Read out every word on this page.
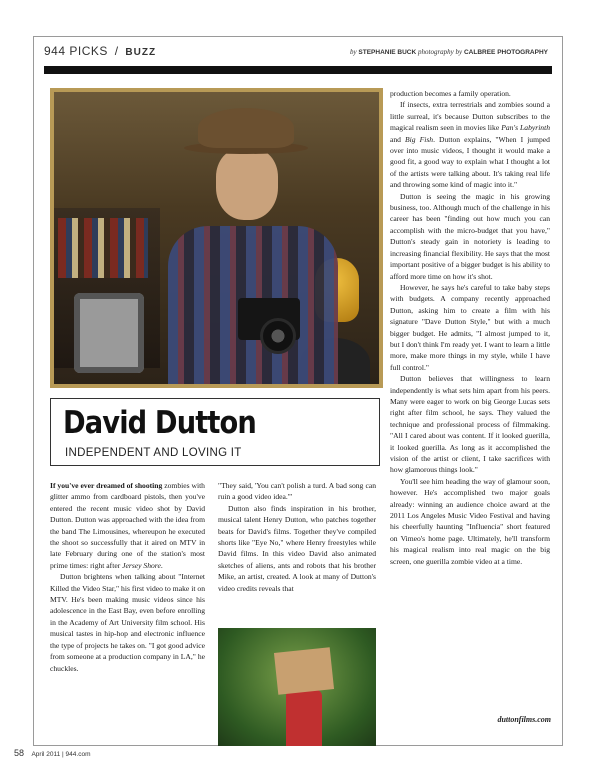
944 PICKS / BUZZ	by STEPHANIE BUCK photography by CALBREE PHOTOGRAPHY
David Dutton
INDEPENDENT AND LOVING IT

If you've ever dreamed of shooting zombies with glitter ammo from cardboard pistols, then you've entered the recent music video shot by David Dutton. Dutton was approached with the idea from the band The Limousines, whereupon he executed the shoot so successfully that it aired on MTV in late February during one of the station's most prime times: right after Jersey Shore.

Dutton brightens when talking about "Internet Killed the Video Star," his first video to make it on MTV. He's been making music videos since his adolescence in the East Bay, even before enrolling in the Academy of Art University film school. His musical tastes in hip-hop and electronic influence the type of projects he takes on. "I got good advice from someone at a production company in LA," he chuckles.

"They said, 'You can't polish a turd. A bad song can ruin a good video idea.'"

Dutton also finds inspiration in his brother, musical talent Henry Dutton, who patches together beats for David's films. Together they've compiled shorts like "Eye No," where Henry freestyles while David films. In this video David also animated sketches of aliens, ants and robots that his brother Mike, an artist, created. A look at many of Dutton's video credits reveals that

production becomes a family operation.

If insects, extra terrestrials and zombies sound a little surreal, it's because Dutton subscribes to the magical realism seen in movies like Pan's Labyrinth and Big Fish. Dutton explains, "When I jumped over into music videos, I thought it would make a good fit, a good way to explain what I thought a lot of the artists were talking about. It's taking real life and throwing some kind of magic into it."

Dutton is seeing the magic in his growing business, too. Although much of the challenge in his career has been "finding out how much you can accomplish with the micro-budget that you have," Dutton's steady gain in notoriety is leading to increasing financial flexibility. He says that the most important positive of a bigger budget is his ability to afford more time on how it's shot.

However, he says he's careful to take baby steps with budgets. A company recently approached Dutton, asking him to create a film with his signature "Dave Dutton Style," but with a much bigger budget. He admits, "I almost jumped to it, but I don't think I'm ready yet. I want to learn a little more, make more things in my style, while I have full control."

Dutton believes that willingness to learn independently is what sets him apart from his peers. Many were eager to work on big George Lucas sets right after film school, he says. They valued the technique and professional process of filmmaking. "All I cared about was content. If it looked guerilla, it looked guerilla. As long as it accomplished the vision of the artist or client, I take sacrifices with how glamorous things look."

You'll see him heading the way of glamour soon, however. He's accomplished two major goals already: winning an audience choice award at the 2011 Los Angeles Music Video Festival and having his cheerfully haunting "Influencia" short featured on Vimeo's home page. Ultimately, he'll transform his magical realism into real magic on the big screen, one guerilla zombie video at a time.

duttonfilms.com
58 April 2011 | 944.com
